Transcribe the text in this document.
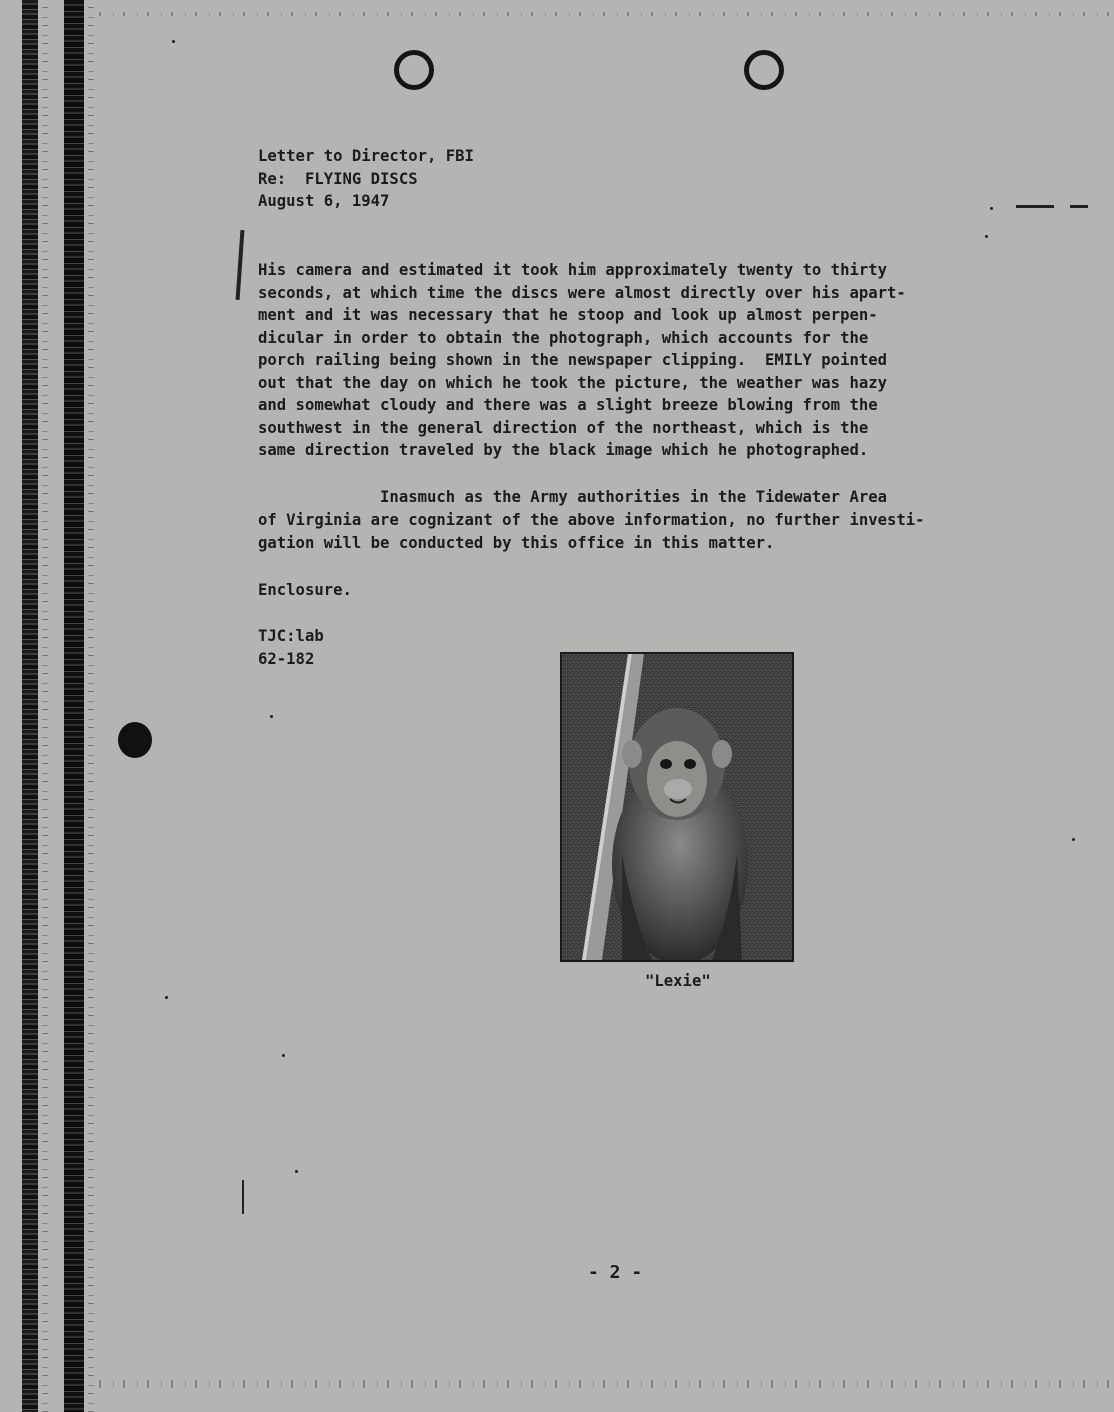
Letter to Director, FBI
Re:  FLYING DISCS
August 6, 1947
His camera and estimated it took him approximately twenty to thirty
seconds, at which time the discs were almost directly over his apart-
ment and it was necessary that he stoop and look up almost perpen-
dicular in order to obtain the photograph, which accounts for the
porch railing being shown in the newspaper clipping.  EMILY pointed
out that the day on which he took the picture, the weather was hazy
and somewhat cloudy and there was a slight breeze blowing from the
southwest in the general direction of the northeast, which is the
same direction traveled by the black image which he photographed.
Inasmuch as the Army authorities in the Tidewater Area
of Virginia are cognizant of the above information, no further investi-
gation will be conducted by this office in this matter.
Enclosure.
TJC:lab
62-182
"Lexie"
- 2 -
